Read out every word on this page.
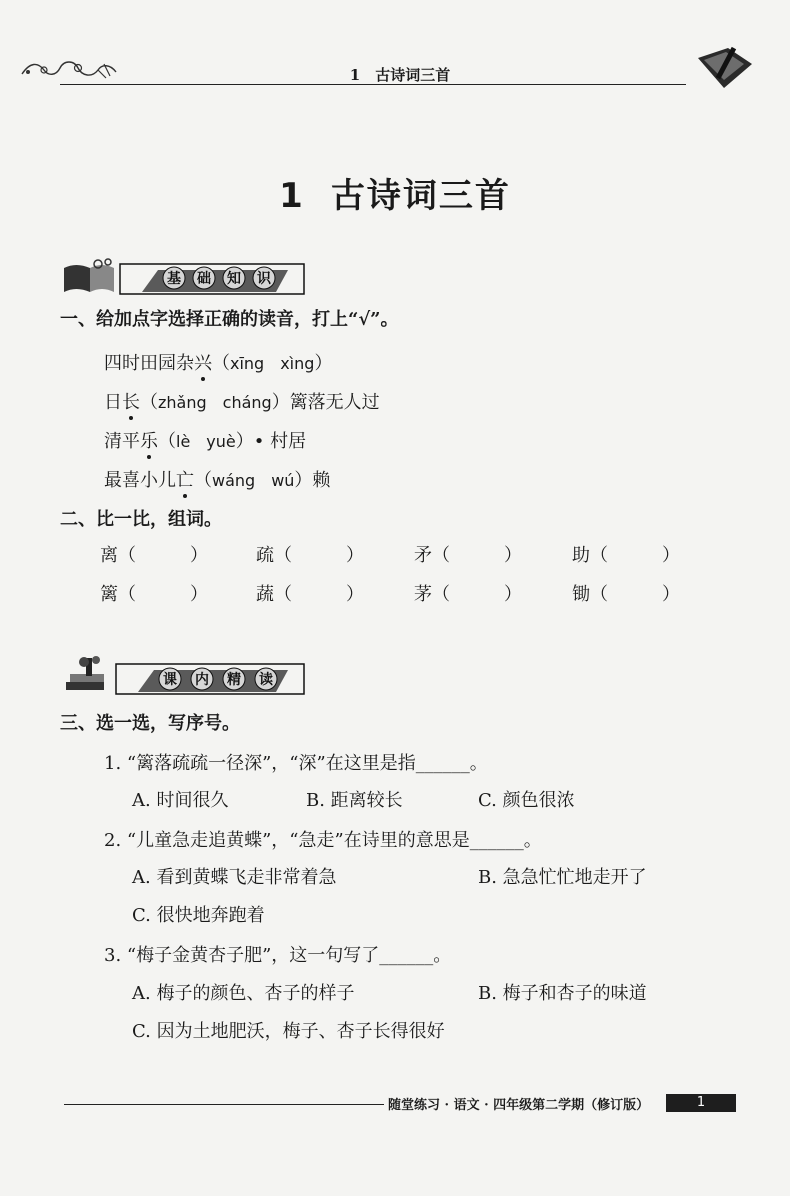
1　古诗词三首
1 古诗词三首
基 础 知 识
一、给加点字选择正确的读音，打上“√”。
四时田园杂兴（xīng　xìng）
日长（zhǎng　cháng）篱落无人过
清平乐（lè　yuè）• 村居
最喜小儿亡（wáng　wú）赖
二、比一比，组词。
离（　　　）	疏（　　　）	矛（　　　）	助（　　　）
篱（　　　）	蔬（　　　）	茅（　　　）	锄（　　　）
课 内 精 读
三、选一选，写序号。
1. “篱落疏疏一径深”，“深”在这里是指______。
A. 时间很久	B. 距离较长	C. 颜色很浓
2. “儿童急走追黄蝶”，“急走”在诗里的意思是______。
A. 看到黄蝶飞走非常着急	B. 急急忙忙地走开了
C. 很快地奔跑着
3. “梅子金黄杏子肥”，这一句写了______。
A. 梅子的颜色、杏子的样子	B. 梅子和杏子的味道
C. 因为土地肥沃，梅子、杏子长得很好
随堂练习 · 语文 · 四年级第二学期（修订版）	1
